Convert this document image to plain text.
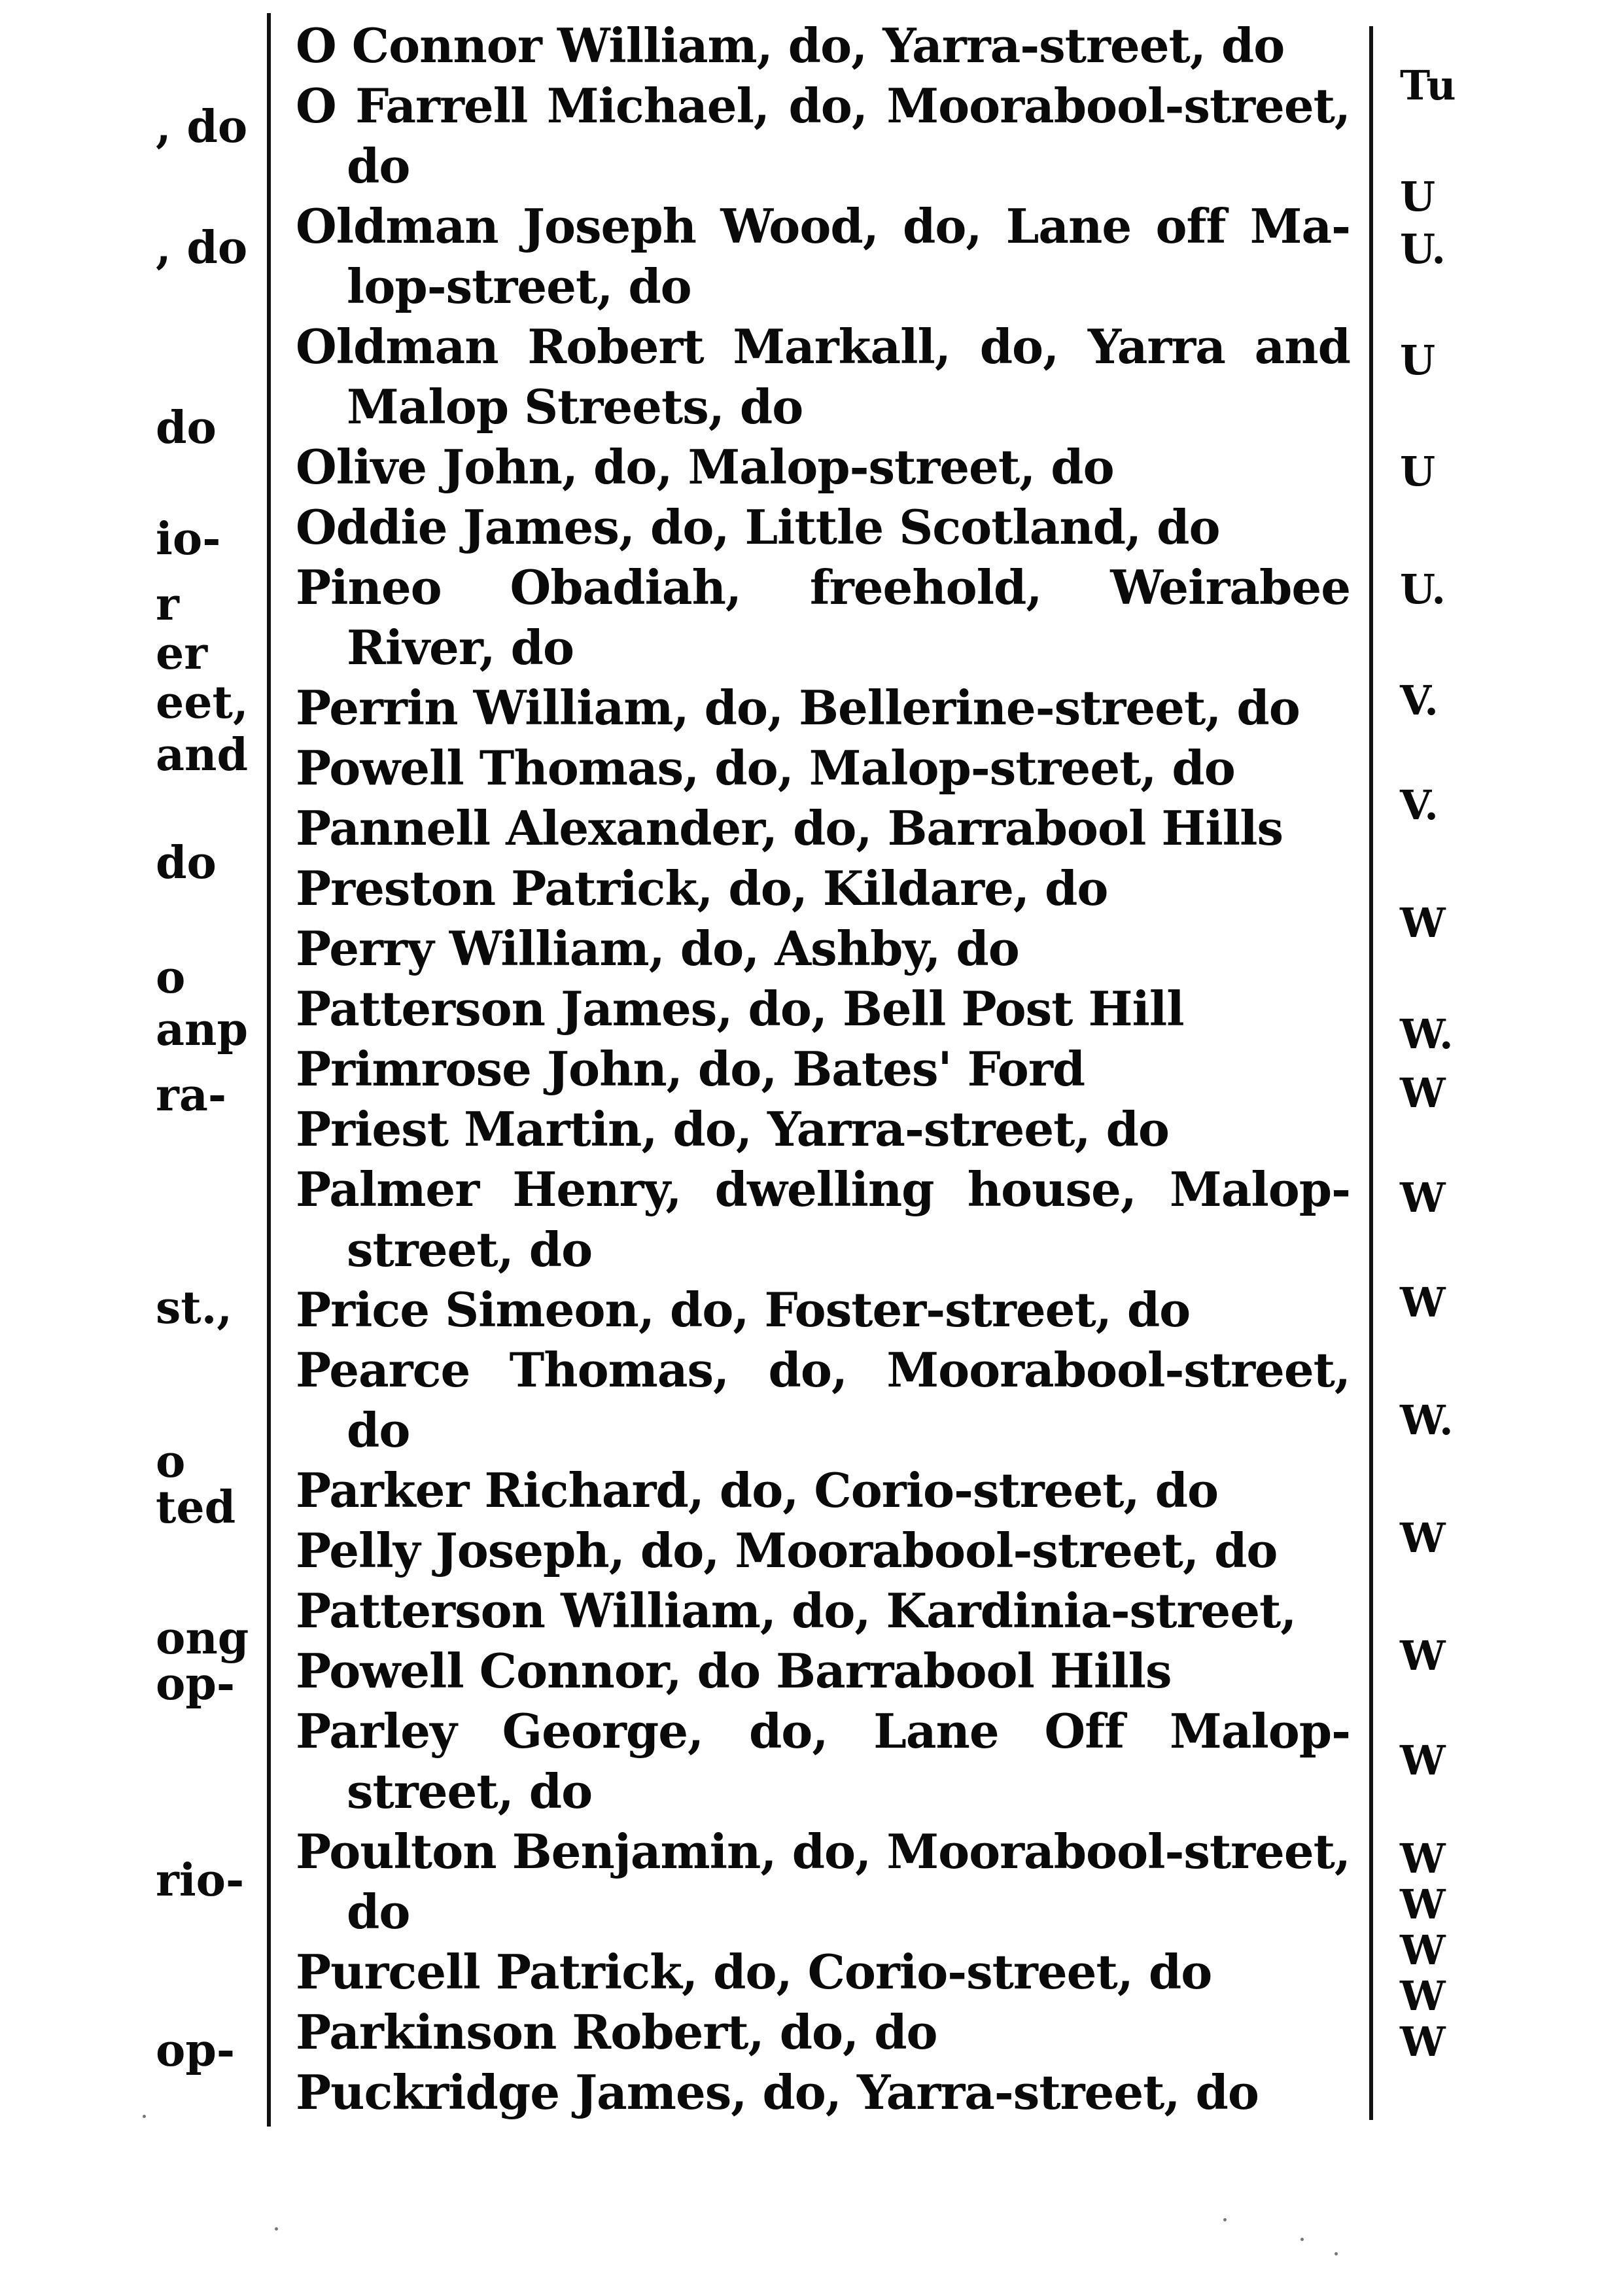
, do
, do
do
io-
r
er
eet,
and
do
o
anp
ra-
st.,
o
ted
ong
op-
rio-
op-
Tu
U
U.
U
U
U.
V.
V.
W
W.
W
W
W
W.
W
W
W
W
W
W
W
W
O Connor William, do, Yarra-street, do
O Farrell Michael, do, Moorabool-street,
do
Oldman Joseph Wood, do, Lane off Ma-
lop-street, do
Oldman Robert Markall, do, Yarra and
Malop Streets, do
Olive John, do, Malop-street, do
Oddie James, do, Little Scotland, do
Pineo Obadiah, freehold, Weirabee
River, do
Perrin William, do, Bellerine-street, do
Powell Thomas, do, Malop-street, do
Pannell Alexander, do, Barrabool Hills
Preston Patrick, do, Kildare, do
Perry William, do, Ashby, do
Patterson James, do, Bell Post Hill
Primrose John, do, Bates' Ford
Priest Martin, do, Yarra-street, do
Palmer Henry, dwelling house, Malop-
street, do
Price Simeon, do, Foster-street, do
Pearce Thomas, do, Moorabool-street,
do
Parker Richard, do, Corio-street, do
Pelly Joseph, do, Moorabool-street, do
Patterson William, do, Kardinia-street,
Powell Connor, do Barrabool Hills
Parley George, do, Lane Off Malop-
street, do
Poulton Benjamin, do, Moorabool-street,
do
Purcell Patrick, do, Corio-street, do
Parkinson Robert, do, do
Puckridge James, do, Yarra-street, do
